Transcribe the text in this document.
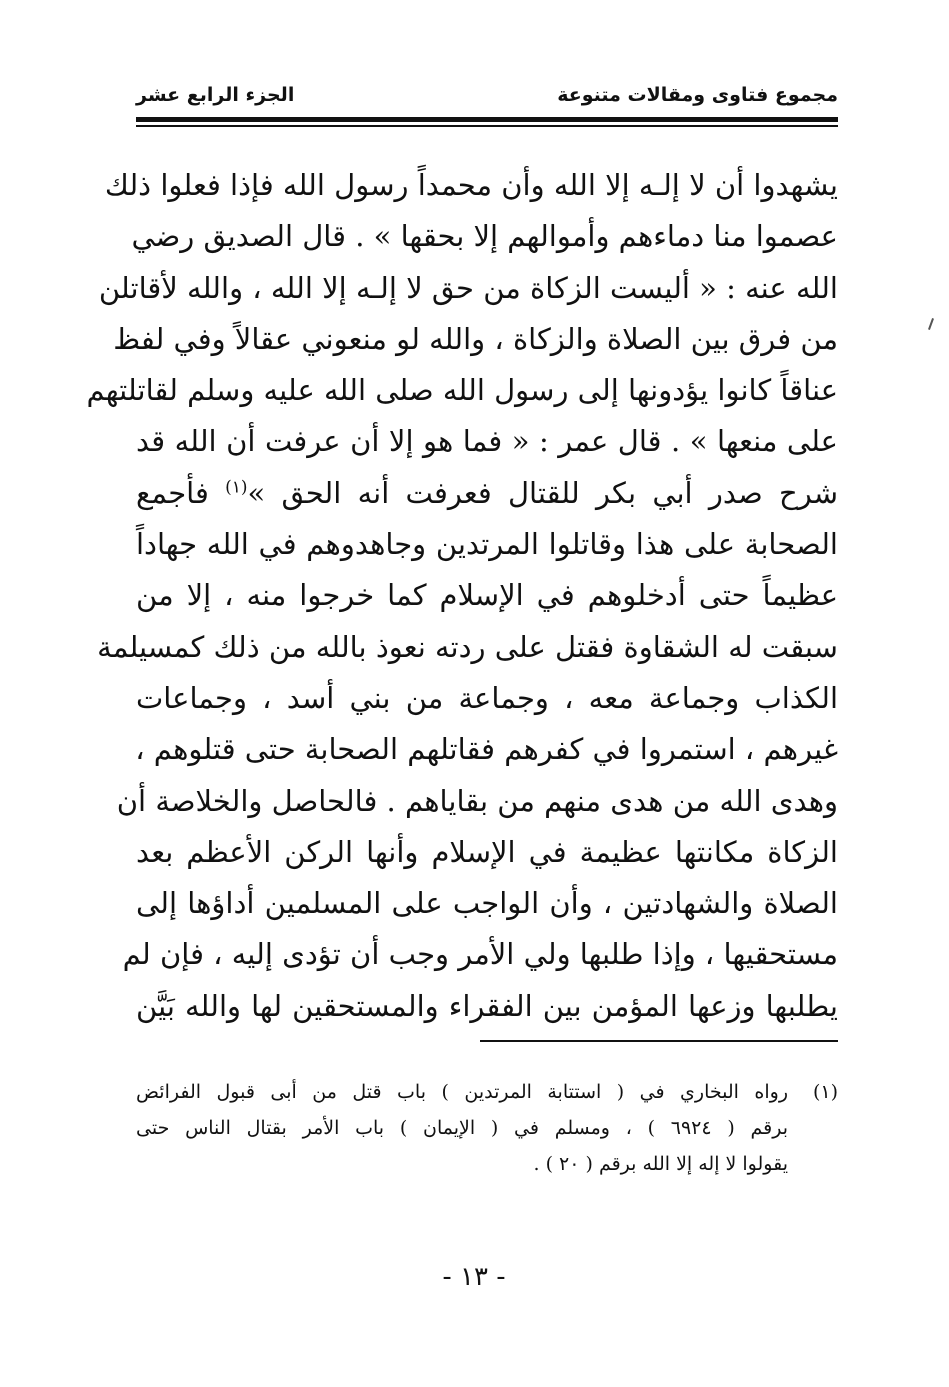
مجموع فتاوى ومقالات متنوعة
الجزء الرابع عشر
يشهدوا أن لا إلـه إلا الله وأن محمداً رسول الله فإذا فعلوا ذلك
عصموا منا دماءهم وأموالهم إلا بحقها » . قال الصديق رضي
الله عنه : « أليست الزكاة من حق لا إلـه إلا الله ، والله لأقاتلن
من فرق بين الصلاة والزكاة ، والله لو منعوني عقالاً وفي لفظ
عناقاً كانوا يؤدونها إلى رسول الله صلى الله عليه وسلم لقاتلتهم
على منعها » . قال عمر : « فما هو إلا أن عرفت أن الله قد
شرح صدر أبي بكر للقتال فعرفت أنه الحق »$^{(١)}$ فأجمع
الصحابة على هذا وقاتلوا المرتدين وجاهدوهم في الله جهاداً
عظيماً حتى أدخلوهم في الإسلام كما خرجوا منه ، إلا من
سبقت له الشقاوة فقتل على ردته نعوذ بالله من ذلك كمسيلمة
الكذاب وجماعة معه ، وجماعة من بني أسد ، وجماعات
غيرهم ، استمروا في كفرهم فقاتلهم الصحابة حتى قتلوهم ،
وهدى الله من هدى منهم من بقاياهم . فالحاصل والخلاصة أن
الزكاة مكانتها عظيمة في الإسلام وأنها الركن الأعظم بعد
الصلاة والشهادتين ، وأن الواجب على المسلمين أداؤها إلى
مستحقيها ، وإذا طلبها ولي الأمر وجب أن تؤدى إليه ، فإن لم
يطلبها وزعها المؤمن بين الفقراء والمستحقين لها والله بَيَّن
(١)
رواه البخاري في ( استتابة المرتدين ) باب قتل من أبى قبول الفرائض
برقم ( ٦٩٢٤ ) ، ومسلم في ( الإيمان ) باب الأمر بقتال الناس حتى
يقولوا لا إله إلا الله برقم ( ٢٠ ) .
- ١٣ -
